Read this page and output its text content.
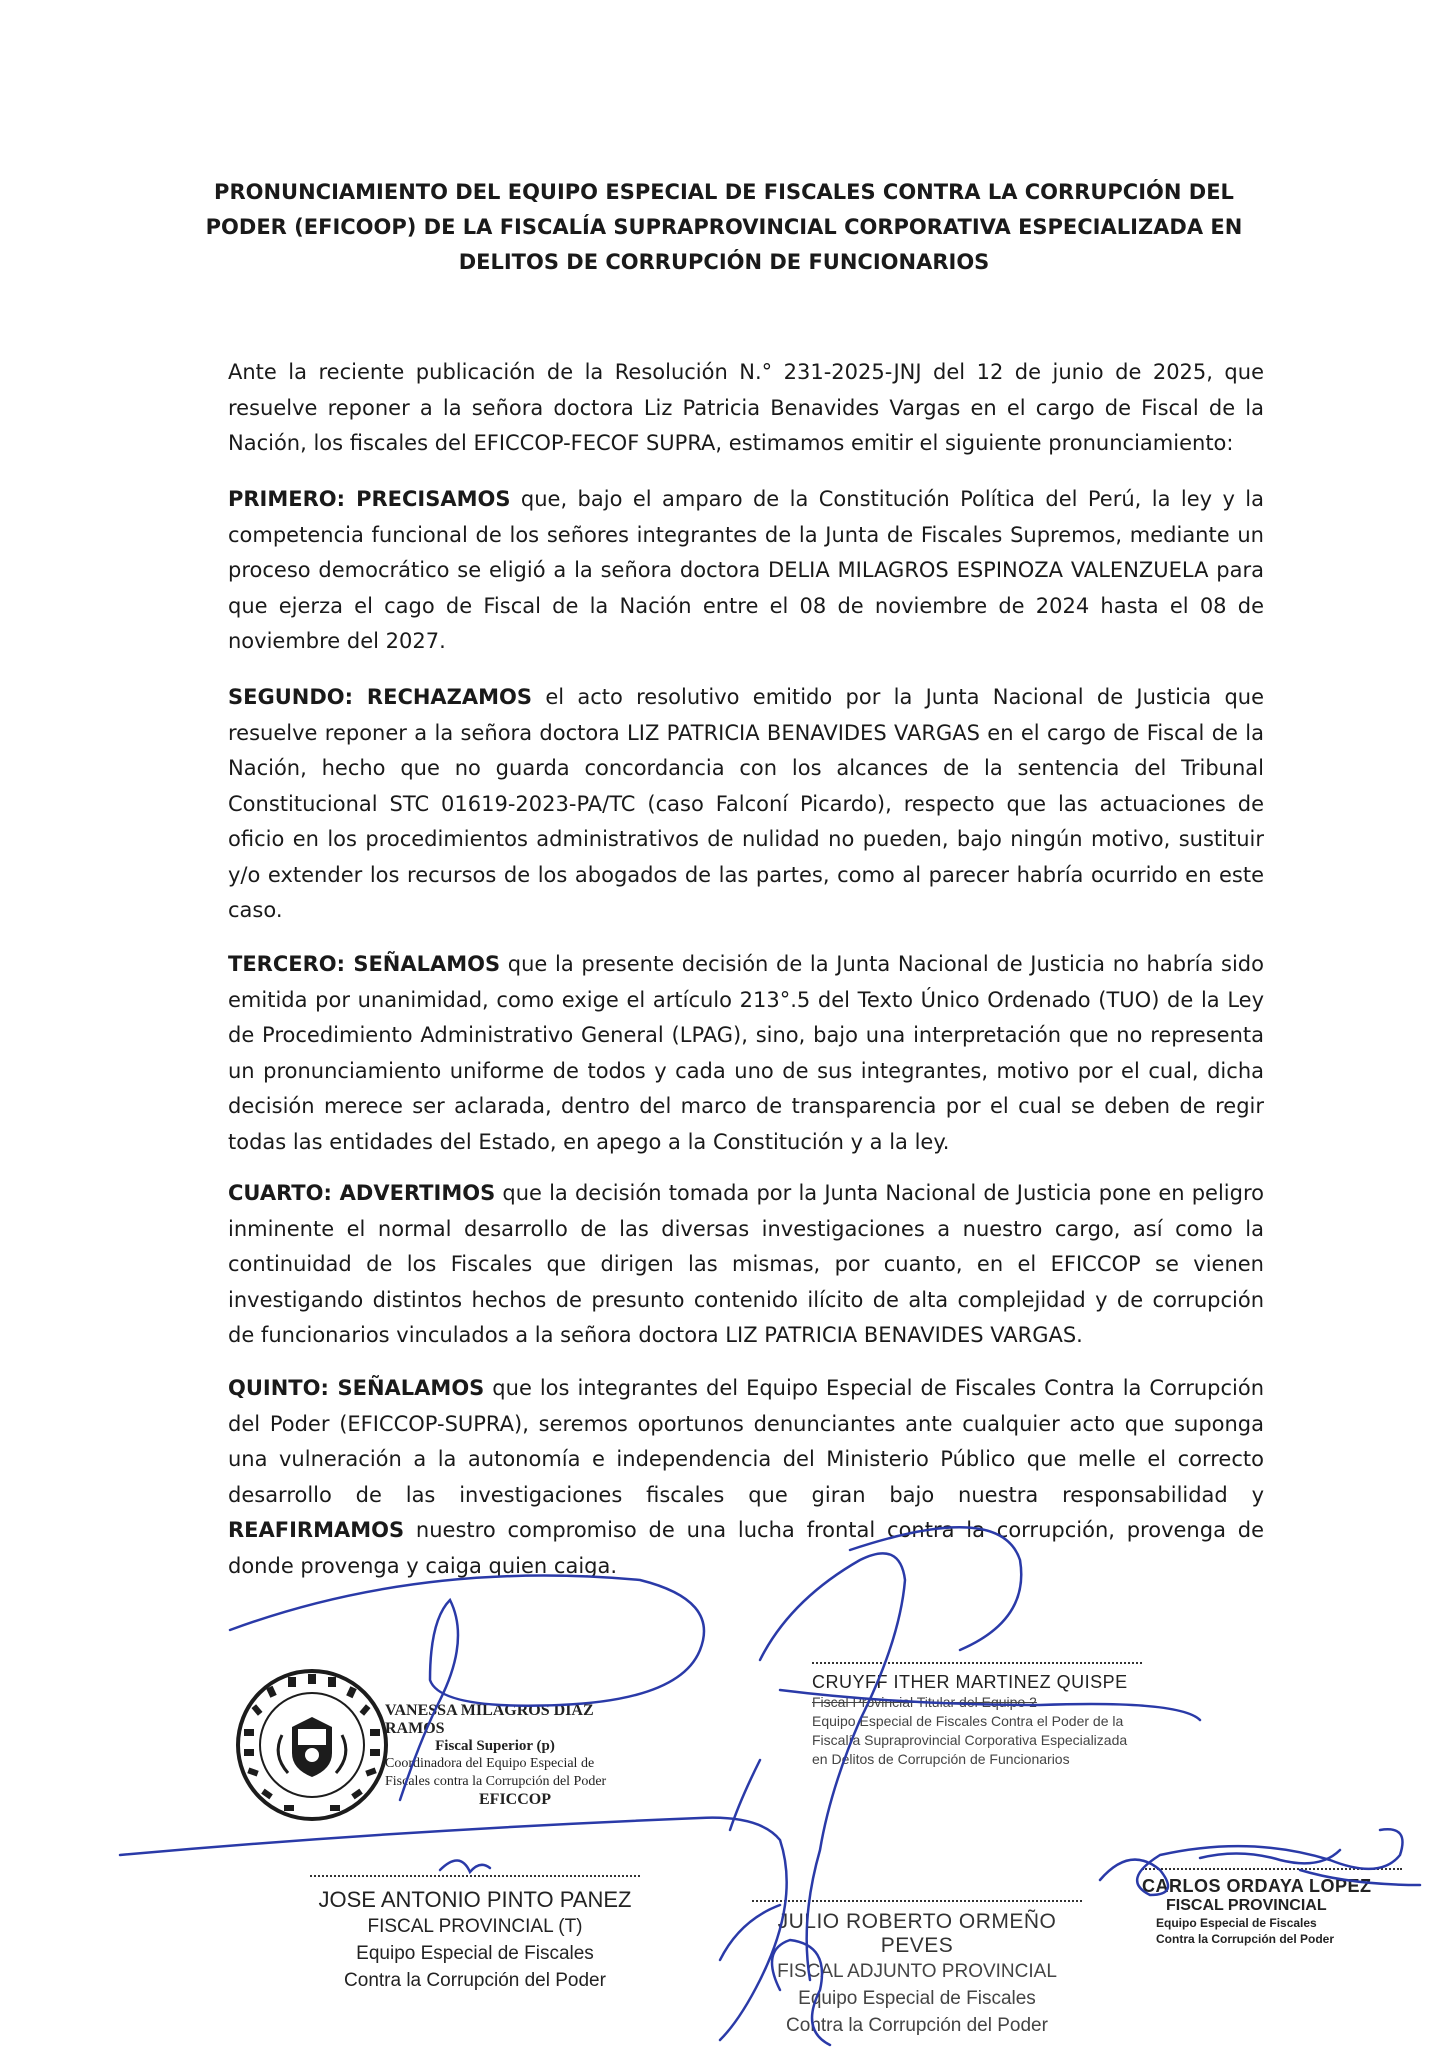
PRONUNCIAMIENTO DEL EQUIPO ESPECIAL DE FISCALES CONTRA LA CORRUPCIÓN DEL
PODER (EFICOOP) DE LA FISCALÍA SUPRAPROVINCIAL CORPORATIVA ESPECIALIZADA EN
DELITOS DE CORRUPCIÓN DE FUNCIONARIOS
Ante la reciente publicación de la Resolución N.° 231-2025-JNJ del 12 de junio de 2025, que resuelve reponer a la señora doctora Liz Patricia Benavides Vargas en el cargo de Fiscal de la Nación, los fiscales del EFICCOP-FECOF SUPRA, estimamos emitir el siguiente pronunciamiento:
PRIMERO: PRECISAMOS que, bajo el amparo de la Constitución Política del Perú, la ley y la competencia funcional de los señores integrantes de la Junta de Fiscales Supremos, mediante un proceso democrático se eligió a la señora doctora DELIA MILAGROS ESPINOZA VALENZUELA para que ejerza el cago de Fiscal de la Nación entre el 08 de noviembre de 2024 hasta el 08 de noviembre del 2027.
SEGUNDO: RECHAZAMOS el acto resolutivo emitido por la Junta Nacional de Justicia que resuelve reponer a la señora doctora LIZ PATRICIA BENAVIDES VARGAS en el cargo de Fiscal de la Nación, hecho que no guarda concordancia con los alcances de la sentencia del Tribunal Constitucional STC 01619-2023-PA/TC (caso Falconí Picardo), respecto que las actuaciones de oficio en los procedimientos administrativos de nulidad no pueden, bajo ningún motivo, sustituir y/o extender los recursos de los abogados de las partes, como al parecer habría ocurrido en este caso.
TERCERO: SEÑALAMOS que la presente decisión de la Junta Nacional de Justicia no habría sido emitida por unanimidad, como exige el artículo 213°.5 del Texto Único Ordenado (TUO) de la Ley de Procedimiento Administrativo General (LPAG), sino, bajo una interpretación que no representa un pronunciamiento uniforme de todos y cada uno de sus integrantes, motivo por el cual, dicha decisión merece ser aclarada, dentro del marco de transparencia por el cual se deben de regir todas las entidades del Estado, en apego a la Constitución y a la ley.
CUARTO: ADVERTIMOS que la decisión tomada por la Junta Nacional de Justicia pone en peligro inminente el normal desarrollo de las diversas investigaciones a nuestro cargo, así como la continuidad de los Fiscales que dirigen las mismas, por cuanto, en el EFICCOP se vienen investigando distintos hechos de presunto contenido ilícito de alta complejidad y de corrupción de funcionarios vinculados a la señora doctora LIZ PATRICIA BENAVIDES VARGAS.
QUINTO: SEÑALAMOS que los integrantes del Equipo Especial de Fiscales Contra la Corrupción del Poder (EFICCOP-SUPRA), seremos oportunos denunciantes ante cualquier acto que suponga una vulneración a la autonomía e independencia del Ministerio Público que melle el correcto desarrollo de las investigaciones fiscales que giran bajo nuestra responsabilidad y REAFIRMAMOS nuestro compromiso de una lucha frontal contra la corrupción, provenga de donde provenga y caiga quien caiga.
VANESSA MILAGROS DIAZ RAMOS
Fiscal Superior (p)
Coordinadora del Equipo Especial de
Fiscales contra la Corrupción del Poder
EFICCOP
CRUYFF ITHER MARTINEZ QUISPE
Fiscal Provincial Titular del Equipo 2
Equipo Especial de Fiscales Contra el Poder de la
Fiscalía Supraprovincial Corporativa Especializada
en Delitos de Corrupción de Funcionarios
CARLOS ORDAYA LOPEZ
FISCAL PROVINCIAL
Equipo Especial de Fiscales
Contra la Corrupción del Poder
JOSE ANTONIO PINTO PANEZ
FISCAL PROVINCIAL (T)
Equipo Especial de Fiscales
Contra la Corrupción del Poder
JULIO ROBERTO ORMEÑO PEVES
FISCAL ADJUNTO PROVINCIAL
Equipo Especial de Fiscales
Contra la Corrupción del Poder
